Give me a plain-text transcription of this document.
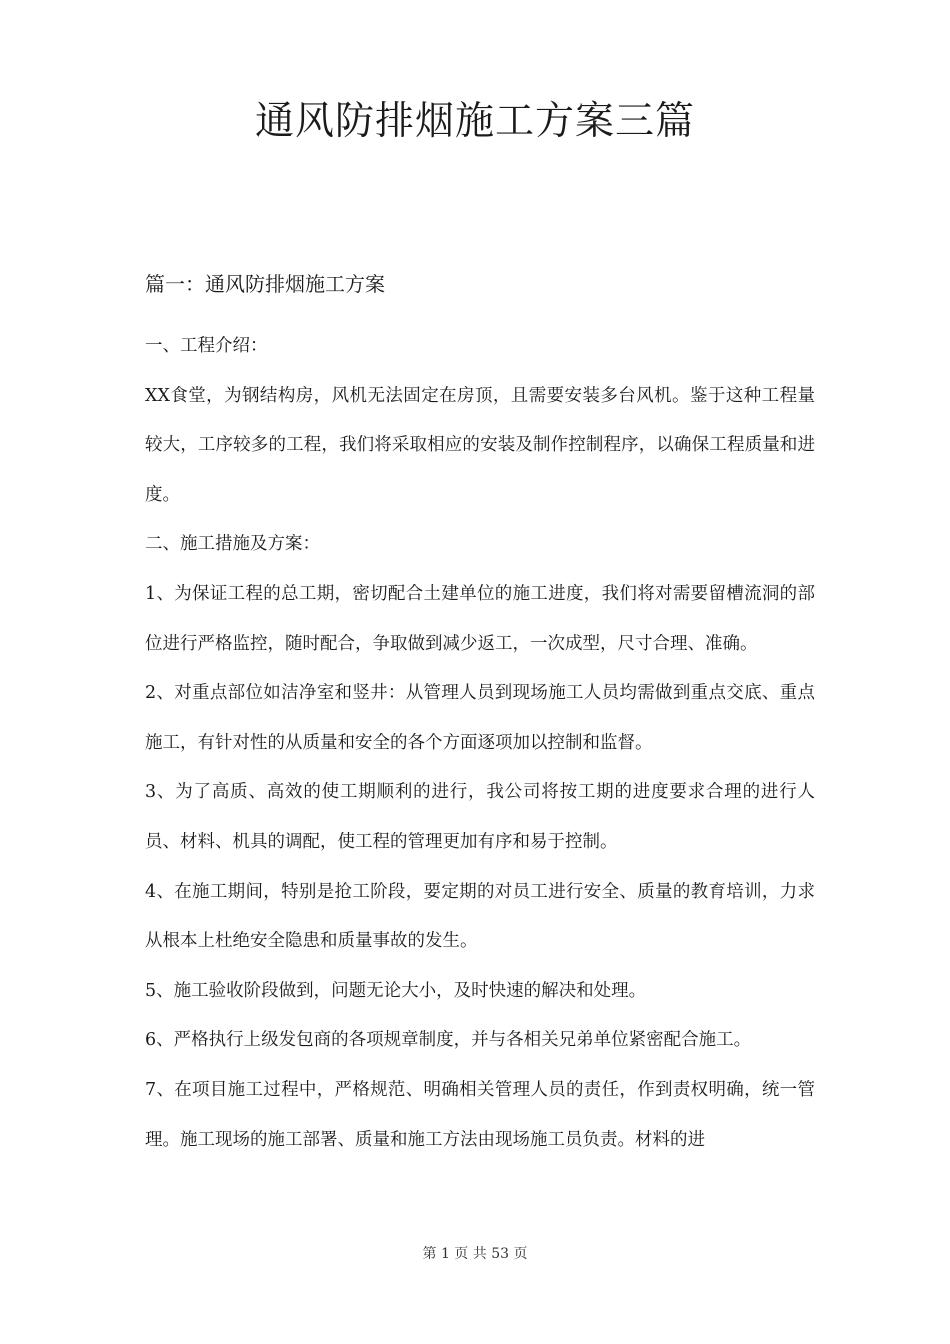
通风防排烟施工方案三篇
篇一：通风防排烟施工方案

一、工程介绍：

XX食堂，为钢结构房，风机无法固定在房顶，且需要安装多台风机。鉴于这种工程量较大，工序较多的工程，我们将采取相应的安装及制作控制程序，以确保工程质量和进度。

二、施工措施及方案：

1、为保证工程的总工期，密切配合土建单位的施工进度，我们将对需要留槽流洞的部位进行严格监控，随时配合，争取做到减少返工，一次成型，尺寸合理、准确。

2、对重点部位如洁净室和竖井：从管理人员到现场施工人员均需做到重点交底、重点施工，有针对性的从质量和安全的各个方面逐项加以控制和监督。

3、为了高质、高效的使工期顺利的进行，我公司将按工期的进度要求合理的进行人员、材料、机具的调配，使工程的管理更加有序和易于控制。

4、在施工期间，特别是抢工阶段，要定期的对员工进行安全、质量的教育培训，力求从根本上杜绝安全隐患和质量事故的发生。

5、施工验收阶段做到，问题无论大小，及时快速的解决和处理。

6、严格执行上级发包商的各项规章制度，并与各相关兄弟单位紧密配合施工。

7、在项目施工过程中，严格规范、明确相关管理人员的责任，作到责权明确，统一管理。施工现场的施工部署、质量和施工方法由现场施工员负责。材料的进

第 1 页 共 53 页
